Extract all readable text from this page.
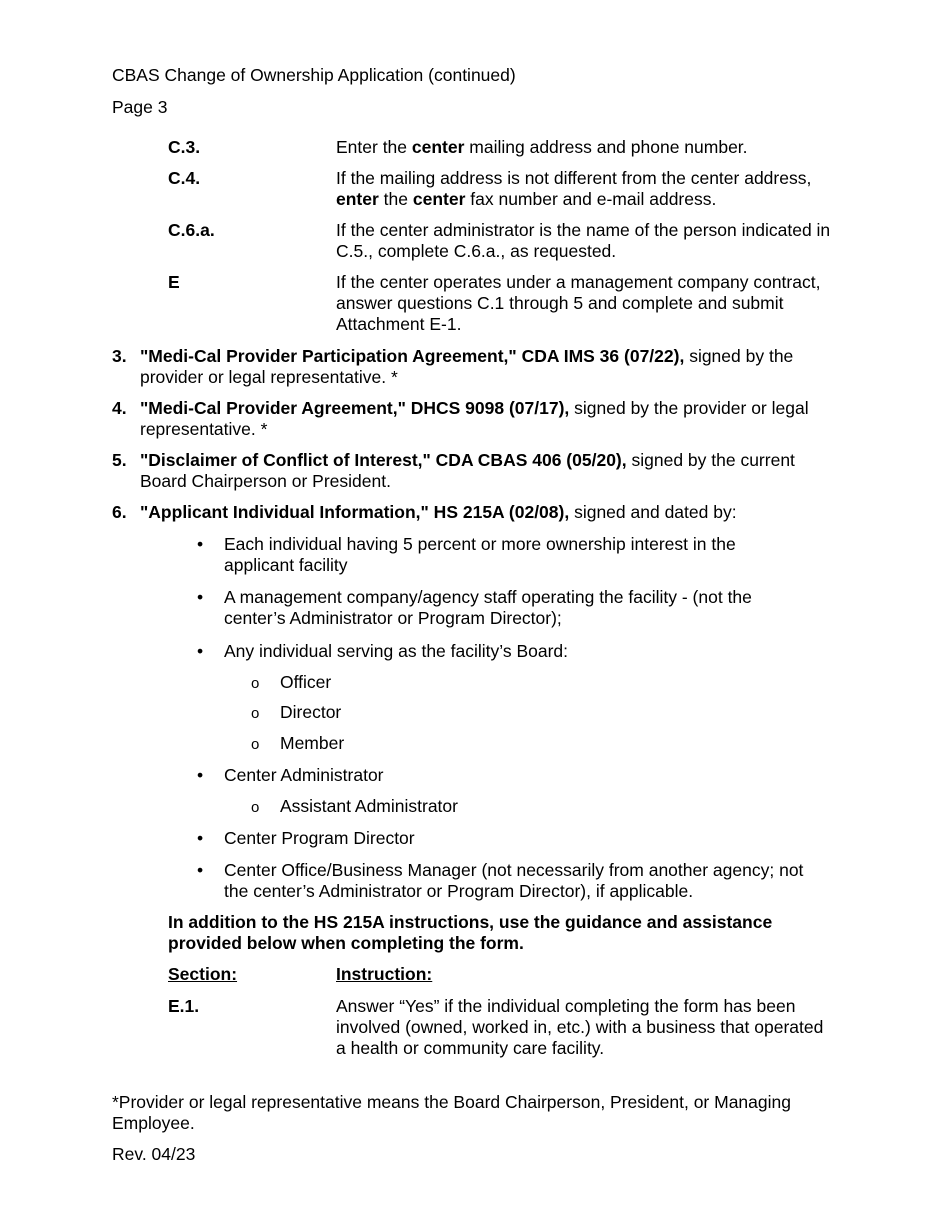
CBAS Change of Ownership Application (continued)
Page 3
C.3.	Enter the center mailing address and phone number.
C.4.	If the mailing address is not different from the center address, enter the center fax number and e-mail address.
C.6.a.	If the center administrator is the name of the person indicated in C.5., complete C.6.a., as requested.
E	If the center operates under a management company contract, answer questions C.1 through 5 and complete and submit Attachment E-1.
3. "Medi-Cal Provider Participation Agreement," CDA IMS 36 (07/22), signed by the provider or legal representative. *
4. "Medi-Cal Provider Agreement," DHCS 9098 (07/17), signed by the provider or legal representative. *
5. "Disclaimer of Conflict of Interest," CDA CBAS 406 (05/20), signed by the current Board Chairperson or President.
6. "Applicant Individual Information," HS 215A (02/08), signed and dated by:
• Each individual having 5 percent or more ownership interest in the applicant facility
• A management company/agency staff operating the facility - (not the center’s Administrator or Program Director);
• Any individual serving as the facility’s Board:
o Officer
o Director
o Member
• Center Administrator
o Assistant Administrator
• Center Program Director
• Center Office/Business Manager (not necessarily from another agency; not the center’s Administrator or Program Director), if applicable.
In addition to the HS 215A instructions, use the guidance and assistance provided below when completing the form.
Section:	Instruction:
E.1.	Answer “Yes” if the individual completing the form has been involved (owned, worked in, etc.) with a business that operated a health or community care facility.
*Provider or legal representative means the Board Chairperson, President, or Managing Employee.
Rev. 04/23
